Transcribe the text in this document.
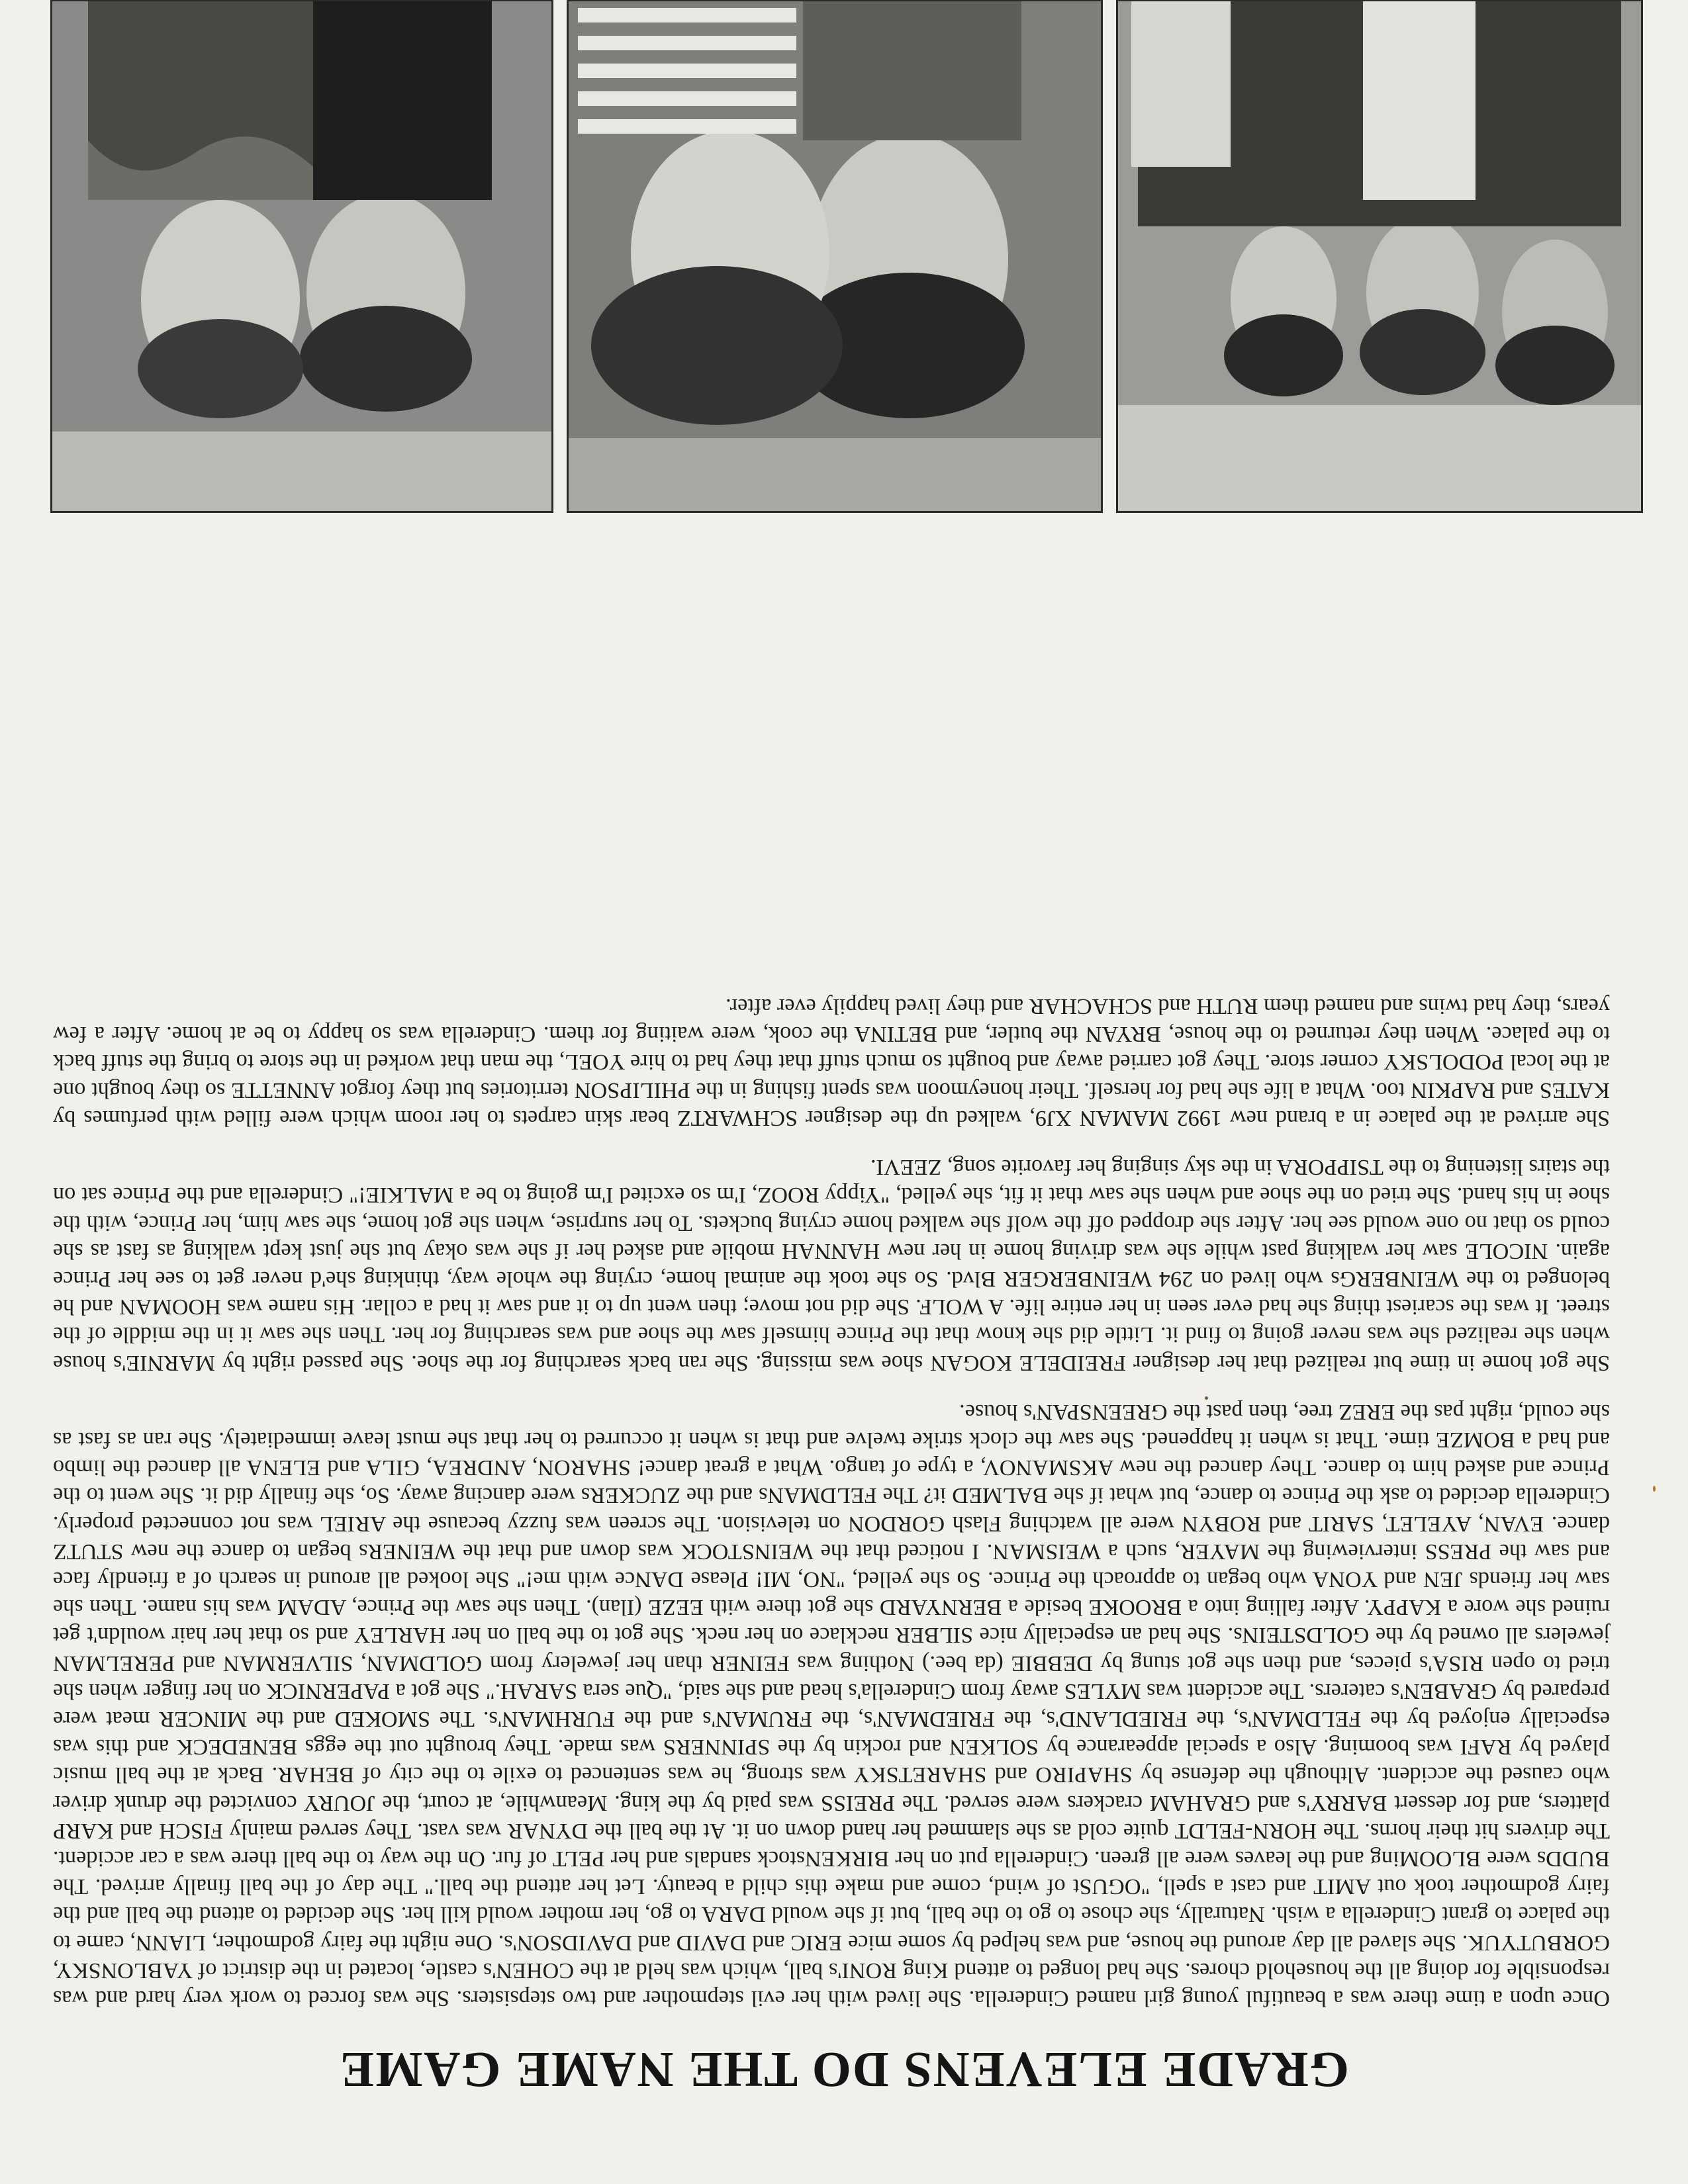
GRADE ELEVENS DO THE NAME GAME

Once upon a time there was a beautiful young girl named Cinderella. She lived with her evil stepmother and two stepsisters. She was forced to work very hard and was responsible for doing all the household chores. She had longed to attend King RONI's ball, which was held at the COHEN's castle, located in the district of YABLONSKY, GORBUTYUK. She slaved all day around the house, and was helped by some mice ERIC and DAVID and DAVIDSON's. One night the fairy godmother, LIANN, came to the palace to grant Cinderella a wish. Naturally, she chose to go to the ball, but if she would DARA to go, her mother would kill her. She decided to attend the ball and the fairy godmother took out AMIT and cast a spell, "OGUSt of wind, come and make this child a beauty. Let her attend the ball." The day of the ball finally arrived. The BUDDs were BLOOMing and the leaves were all green. Cinderella put on her BIRKENstock sandals and her PELT of fur. On the way to the ball there was a car accident. The drivers hit their horns. The HORN-FELDT quite cold as she slammed her hand down on it. At the ball the DYNAR was vast. They served mainly FISCH and KARP platters, and for dessert BARRY's and GRAHAM crackers were served. The PREISS was paid by the king. Meanwhile, at court, the JOURY convicted the drunk driver who caused the accident. Although the defense by SHAPIRO and SHARETSKY was strong, he was sentenced to exile to the city of BEHAR. Back at the ball music played by RAFI was booming. Also a special appearance by SOLKEN and rockin by the SPINNERS was made. They brought out the eggs BENEDECK and this was especially enjoyed by the FELDMAN's, the FRIEDLAND's, the FRIEDMAN's, the FRUMAN's and the FURHMAN's. The SMOKED and the MINCER meat were prepared by GRABEN's caterers. The accident was MYLES away from Cinderella's head and she said, "Que sera SARAH." She got a PAPERNICK on her finger when she tried to open RISA's pieces, and then she got stung by DEBBIE (da bee.) Nothing was FEINER than her jewelery from GOLDMAN, SILVERMAN and PERELMAN jewelers all owned by the GOLDSTEINs. She had an especially nice SILBER necklace on her neck. She got to the ball on her HARLEY and so that her hair wouldn't get ruined she wore a KAPPY. After falling into a BROOKE beside a BERNYARD she got there with EEZE (Ilan). Then she saw the Prince, ADAM was his name. Then she saw her friends JEN and YONA who began to approach the Prince. So she yelled, "NO, MI! Please DANce with me!" She looked all around in search of a friendly face and saw the PRESS interviewing the MAYER, such a WEISMAN. I noticed that the WEINSTOCK was down and that the WEINERs began to dance the new STUTZ dance. EVAN, AYELET, SARIT and ROBYN were all watching Flash GORDON on television. The screen was fuzzy because the ARIEL was not connected properly. Cinderella decided to ask the Prince to dance, but what if she BALMED it? The FELDMANs and the ZUCKERs were dancing away. So, she finally did it. She went to the Prince and asked him to dance. They danced the new AKSMANOV, a type of tango. What a great dance! SHARON, ANDREA, GILA and ELENA all danced the limbo and had a BOMZE time. That is when it happened. She saw the clock strike twelve and that is when it occurred to her that she must leave immediately. She ran as fast as she could, right pas the EREZ tree, then past the GREENSPAN's house.

She got home in time but realized that her designer FREIDELE KOGAN shoe was missing. She ran back searching for the shoe. She passed right by MARNIE's house when she realized she was never going to find it. Little did she know that the Prince himself saw the shoe and was searching for her. Then she saw it in the middle of the street. It was the scariest thing she had ever seen in her entire life. A WOLF. She did not move; then went up to it and saw it had a collar. His name was HOOMAN and he belonged to the WEINBERGs who lived on 294 WEINBERGER Blvd. So she took the animal home, crying the whole way, thinking she'd never get to see her Prince again. NICOLE saw her walking past while she was driving home in her new HANNAH mobile and asked her if she was okay but she just kept walking as fast as she could so that no one would see her. After she dropped off the wolf she walked home crying buckets. To her surprise, when she got home, she saw him, her Prince, with the shoe in his hand. She tried on the shoe and when she saw that it fit, she yelled, "Yippy ROOZ, I'm so excited I'm going to be a MALKIE!" Cinderella and the Prince sat on the stairs listening to the TSIPPORA in the sky singing her favorite song, ZEEVI.

She arrived at the palace in a brand new 1992 MAMAN XJ9, walked up the designer SCHWARTZ bear skin carpets to her room which were filled with perfumes by KATES and RAPKIN too. What a life she had for herself. Their honeymoon was spent fishing in the PHILIPSON territories but they forgot ANNETTE so they bought one at the local PODOLSKY corner store. They got carried away and bought so much stuff that they had to hire YOEL, the man that worked in the store to bring the stuff back to the palace. When they returned to the house, BRYAN the butler, and BETINA the cook, were waiting for them. Cinderella was so happy to be at home. After a few years, they had twins and named them RUTH and SCHACHAR and they lived happily ever after.
